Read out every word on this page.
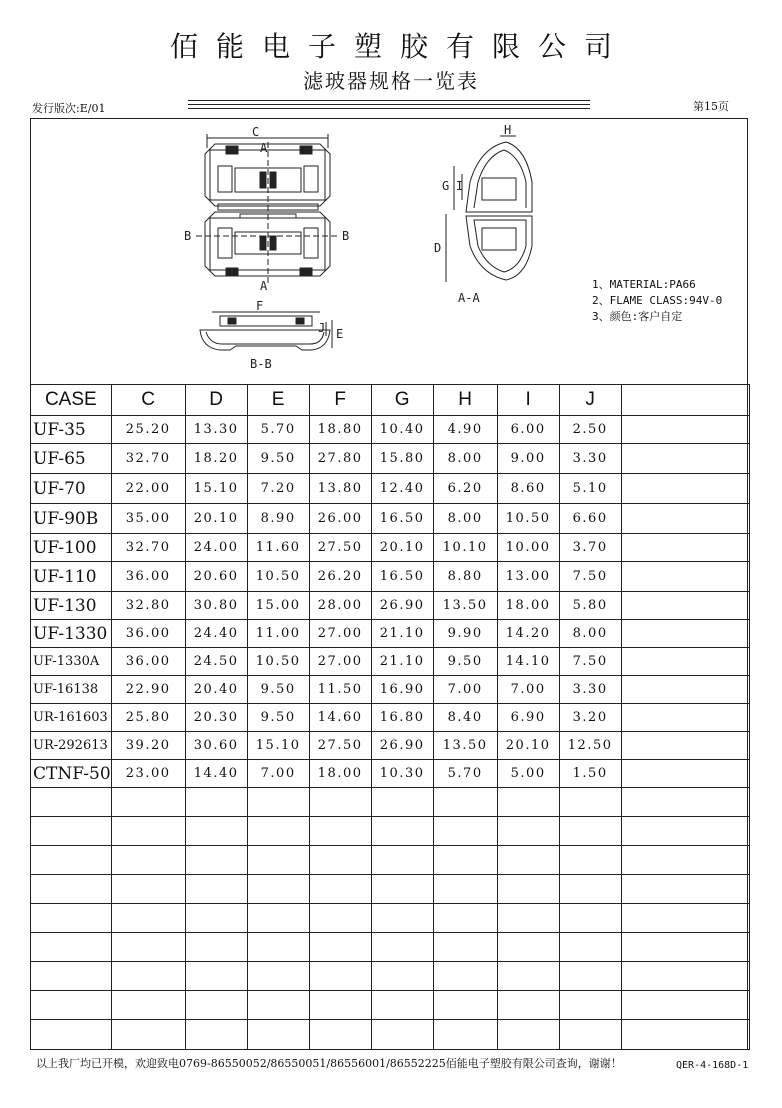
佰能电子塑胶有限公司
滤玻器规格一览表
发行版次:E/01	第15页
C
B	B
A
A
F
E
J
B-B
H
G I
D
A-A
1、MATERIAL:PA66
2、FLAME CLASS:94V-0
3、颜色:客户自定
CASE	C	D	E	F	G	H	I	J	
UF-35	25.20	13.30	5.70	18.80	10.40	4.90	6.00	2.50	
UF-65	32.70	18.20	9.50	27.80	15.80	8.00	9.00	3.30	
UF-70	22.00	15.10	7.20	13.80	12.40	6.20	8.60	5.10	
UF-90B	35.00	20.10	8.90	26.00	16.50	8.00	10.50	6.60	
UF-100	32.70	24.00	11.60	27.50	20.10	10.10	10.00	3.70	
UF-110	36.00	20.60	10.50	26.20	16.50	8.80	13.00	7.50	
UF-130	32.80	30.80	15.00	28.00	26.90	13.50	18.00	5.80	
UF-1330	36.00	24.40	11.00	27.00	21.10	9.90	14.20	8.00	
UF-1330A	36.00	24.50	10.50	27.00	21.10	9.50	14.10	7.50	
UF-16138	22.90	20.40	9.50	11.50	16.90	7.00	7.00	3.30	
UR-161603	25.80	20.30	9.50	14.60	16.80	8.40	6.90	3.20	
UR-292613	39.20	30.60	15.10	27.50	26.90	13.50	20.10	12.50	
CTNF-50	23.00	14.40	7.00	18.00	10.30	5.70	5.00	1.50	

以上我厂均已开模，欢迎致电0769-86550052/86550051/86556001/86552225佰能电子塑胶有限公司查询，谢谢！	QER-4-168D-1
